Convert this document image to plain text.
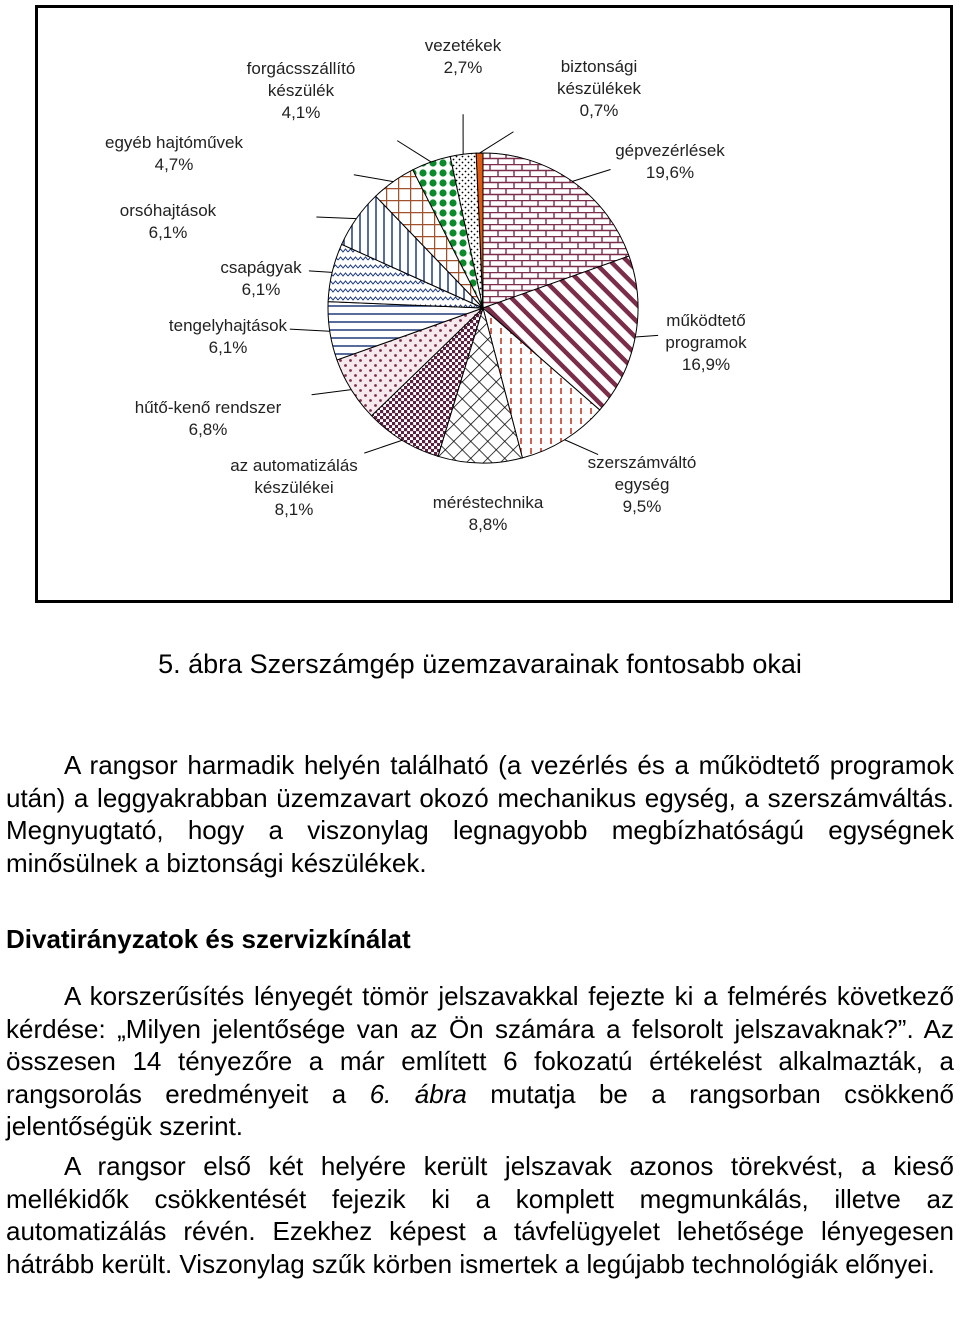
gépvezérlések 19,6%
működtető programok 16,9%
szerszámváltó egység 9,5%
méréstechnika 8,8%
az automatizálás készülékei 8,1%
hűtő-kenő rendszer 6,8%
tengelyhajtások 6,1%
csapágyak 6,1%
orsóhajtások 6,1%
egyéb hajtóművek 4,7%
forgácsszállító készülék 4,1%
vezetékek 2,7%	biztonsági készülékek 0,7%
5. ábra Szerszámgép üzemzavarainak fontosabb okai

A rangsor harmadik helyén található (a vezérlés és a működtető programok után) a leggyakrabban üzemzavart okozó mechanikus egység, a szerszámváltás. Megnyugtató, hogy a viszonylag legnagyobb megbízhatóságú egységnek minősülnek a biztonsági készülékek.

Divatirányzatok és szervizkínálat

A korszerűsítés lényegét tömör jelszavakkal fejezte ki a felmérés következő kérdése: „Milyen jelentősége van az Ön számára a felsorolt jelszavaknak?”. Az összesen 14 tényezőre a már említett 6 fokozatú értékelést alkalmazták, a rangsorolás eredményeit a 6. ábra mutatja be a rangsorban csökkenő jelentőségük szerint.

A rangsor első két helyére került jelszavak azonos törekvést, a kieső mellékidők csökkentését fejezik ki a komplett megmunkálás, illetve az automatizálás révén. Ezekhez képest a távfelügyelet lehetősége lényegesen hátrább került. Viszonylag szűk körben ismertek a legújabb technológiák előnyei.
